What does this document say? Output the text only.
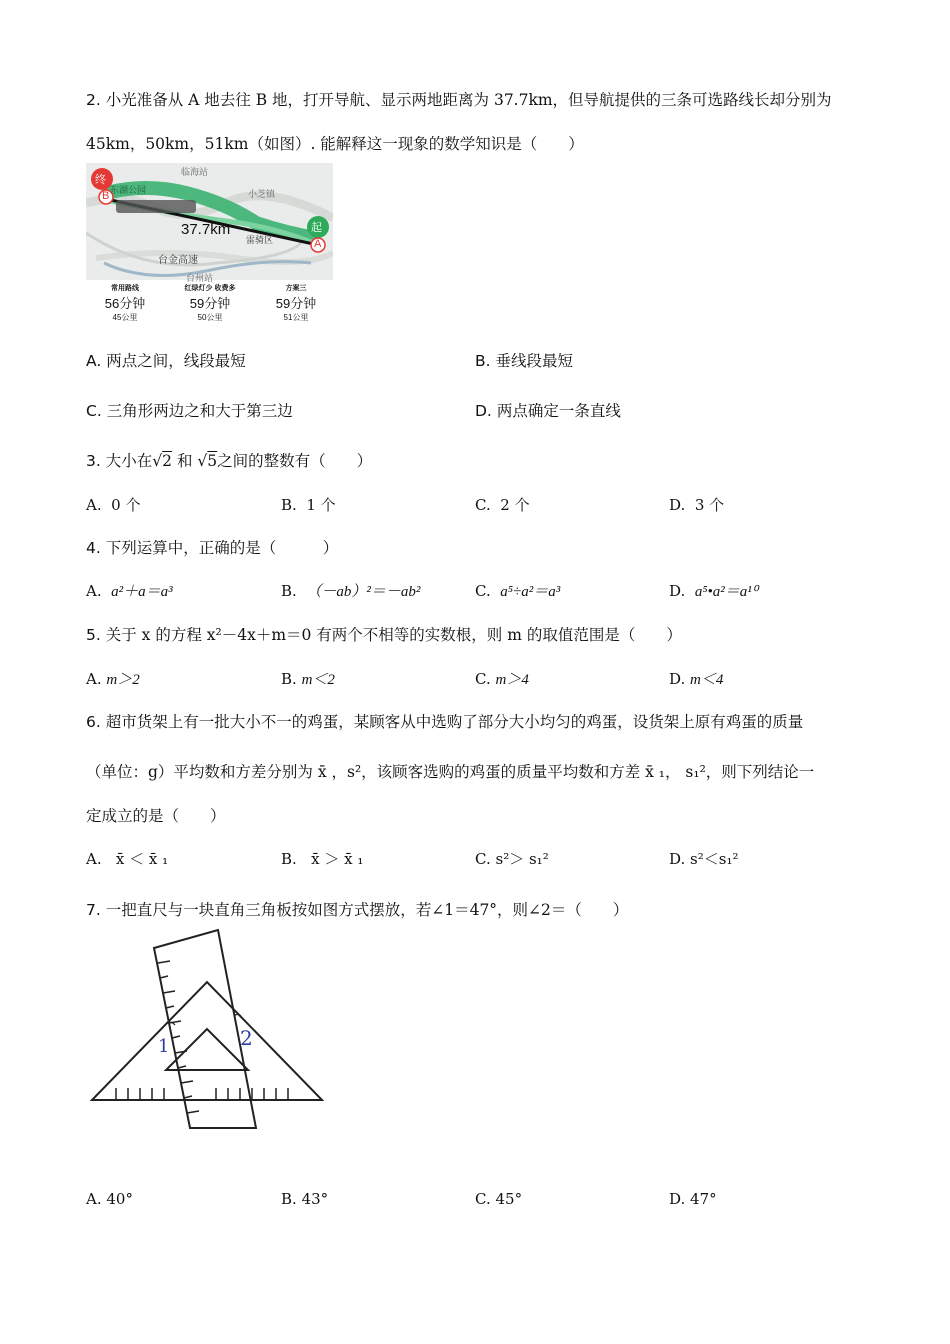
2. 小光准备从 A 地去往 B 地，打开导航、显示两地距离为 37.7km，但导航提供的三条可选路线长却分别为
45km，50km，51km（如图）. 能解释这一现象的数学知识是（　　）
终
B
起
A
37.7km
临海站
东湖公园
雷骑区
台金高速
台州站
小芝镇
常用路线
56分钟
45公里
红绿灯少 收费多
59分钟
50公里
方案三
59分钟
51公里
A. 两点之间，线段最短	B. 垂线段最短
C. 三角形两边之和大于第三边	D. 两点确定一条直线
3. 大小在√2 和 √5之间的整数有（　　）
A. 0 个	B. 1 个	C. 2 个	D. 3 个
4. 下列运算中，正确的是（　　　）
A. a²＋a＝a³	B. （－ab）²＝－ab²	C. a⁵÷a²＝a³	D. a⁵•a²＝a¹⁰
5. 关于 x 的方程 x²－4x＋m＝0 有两个不相等的实数根，则 m 的取值范围是（　　）
A. m＞2	B. m＜2	C. m＞4	D. m＜4
6. 超市货架上有一批大小不一的鸡蛋，某顾客从中选购了部分大小均匀的鸡蛋，设货架上原有鸡蛋的质量
（单位：g）平均数和方差分别为 x̄ ，s²，该顾客选购的鸡蛋的质量平均数和方差 x̄ ₁， s₁²，则下列结论一
定成立的是（　　）
A. x̄ ＜ x̄ ₁	B. x̄ ＞ x̄ ₁	C. s²＞ s₁²	D. s²＜s₁²
7. 一把直尺与一块直角三角板按如图方式摆放，若∠1＝47°，则∠2＝（　　）
1	2
A. 40°	B. 43°	C. 45°	D. 47°
